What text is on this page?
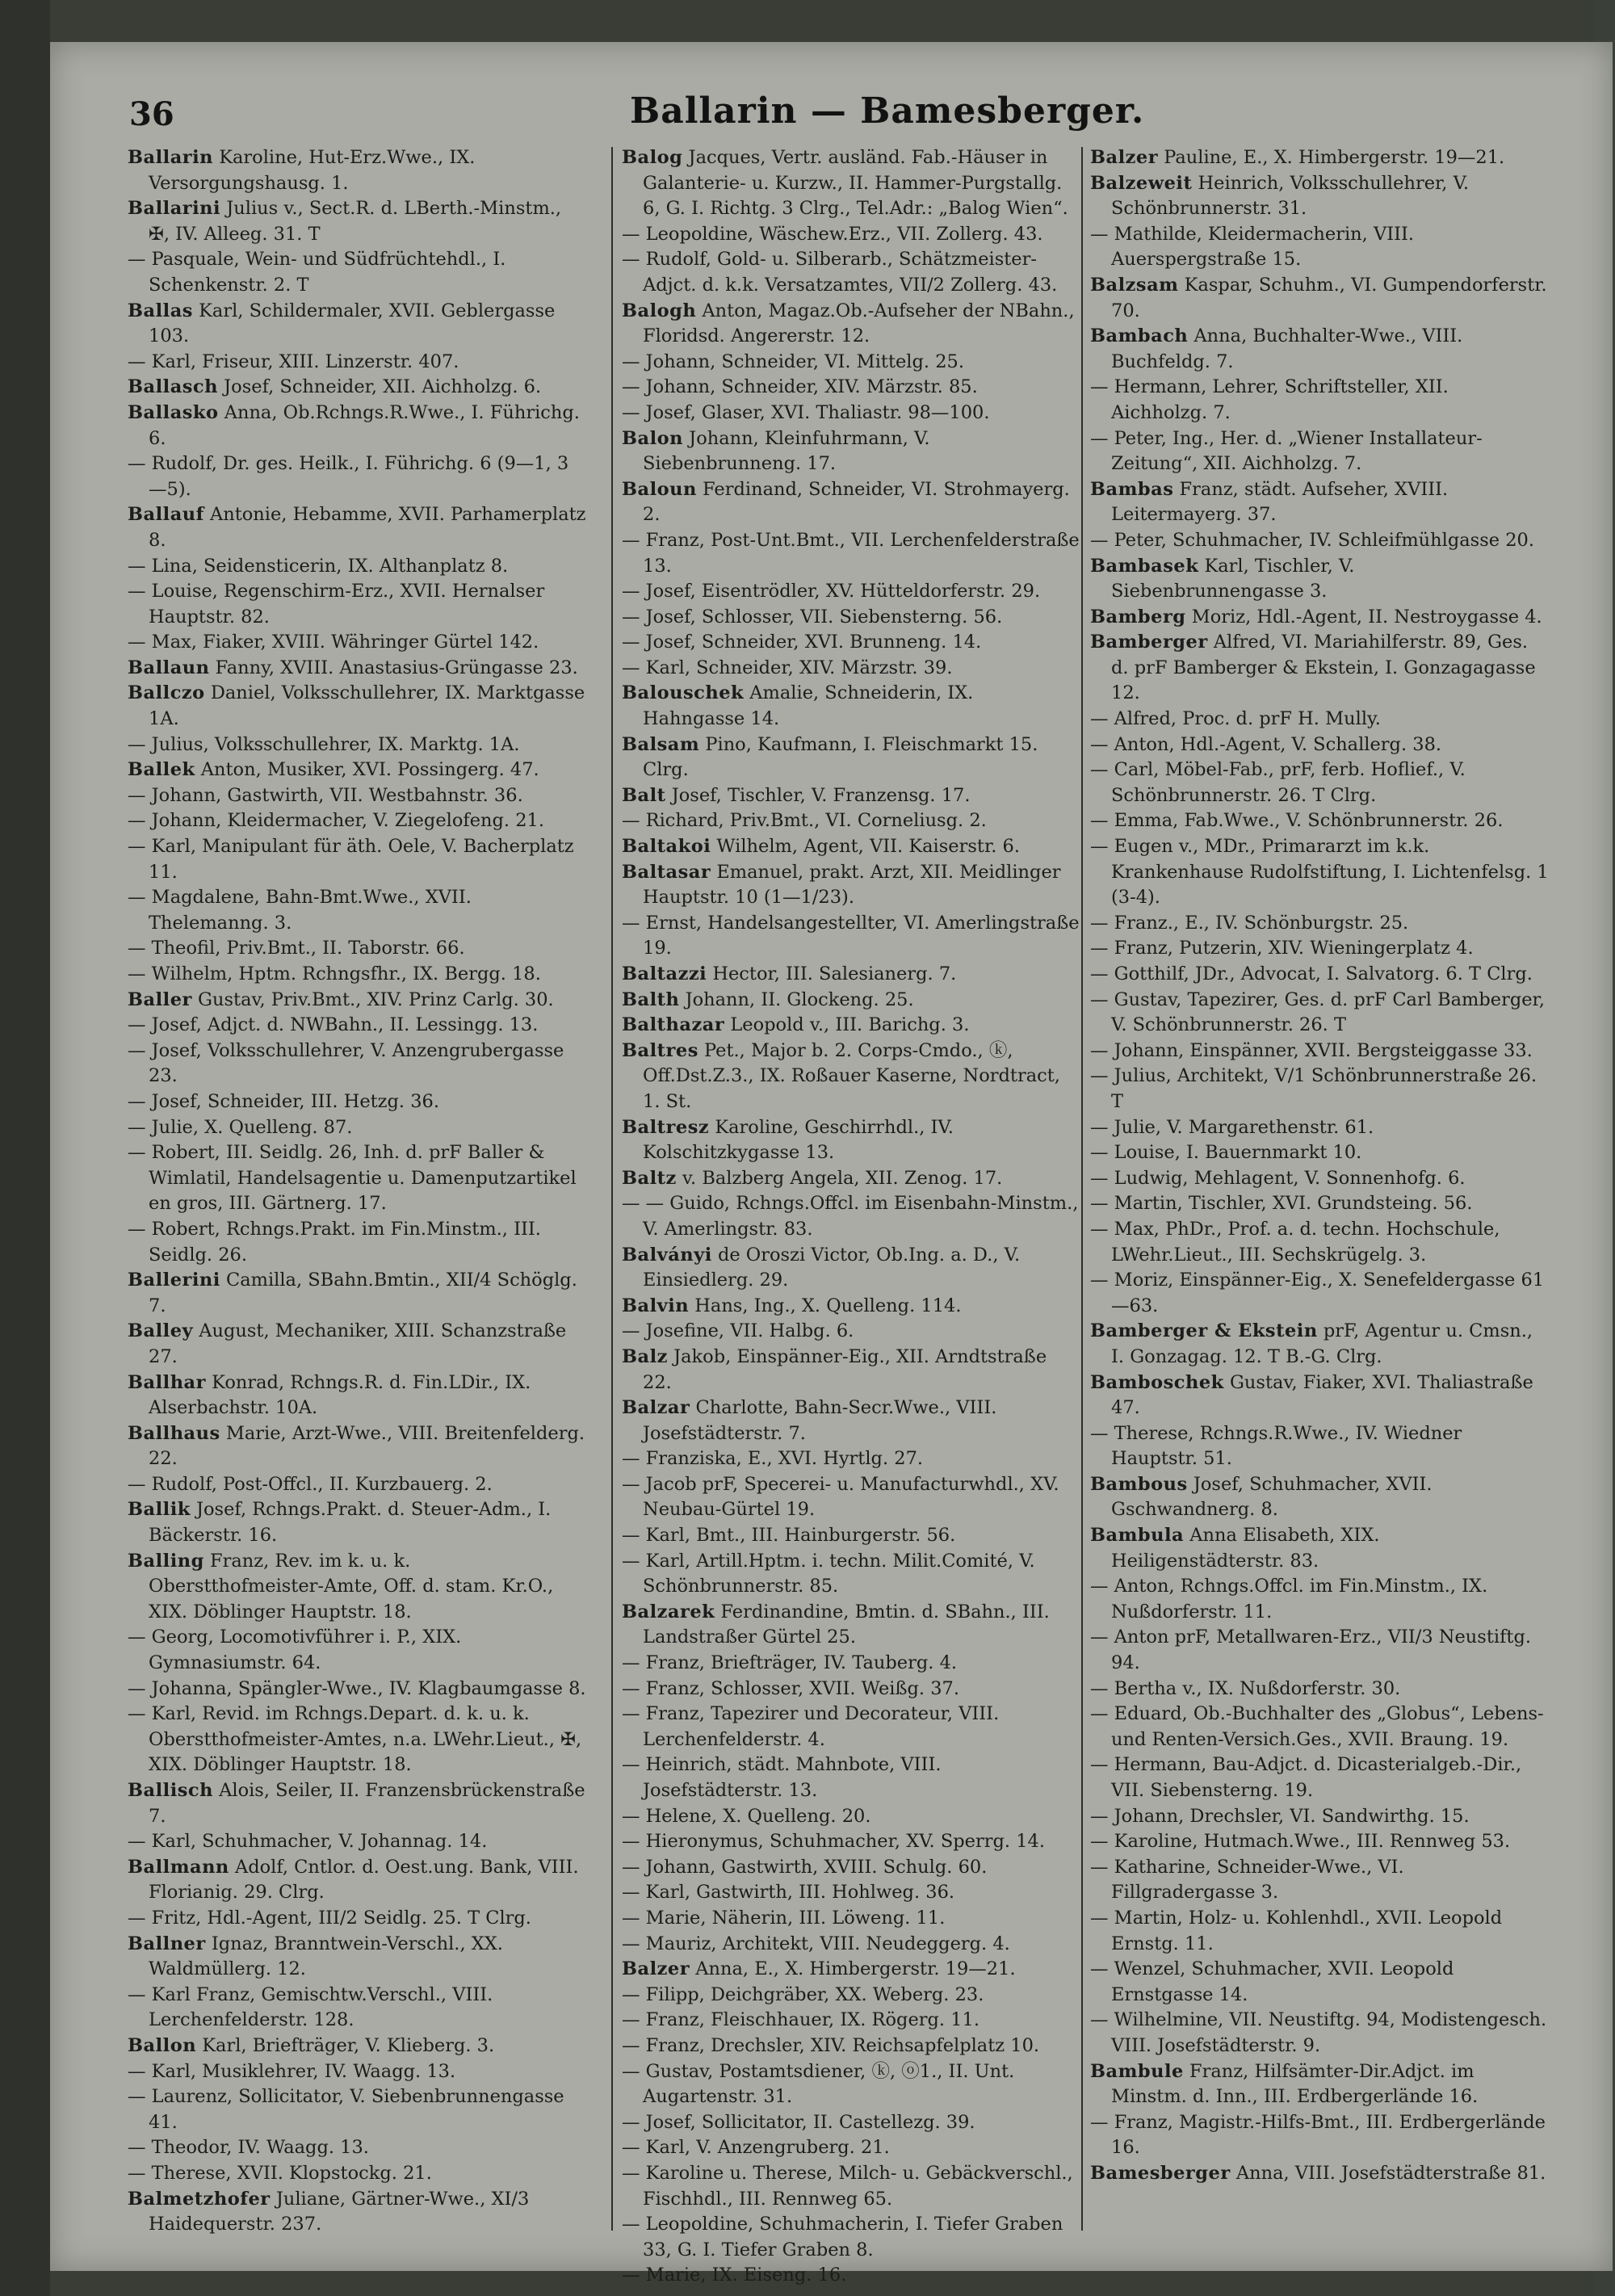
36	Ballarin — Bamesberger.

Ballarin Karoline, Hut-Erz.Wwe., IX. Versorgungshausg. 1.

Ballarini Julius v., Sect.R. d. LBerth.-Minstm., ✠, IV. Alleeg. 31. T

— Pasquale, Wein- und Südfrüchtehdl., I. Schenkenstr. 2. T

Ballas Karl, Schildermaler, XVII. Geblergasse 103.

— Karl, Friseur, XIII. Linzerstr. 407.

Ballasch Josef, Schneider, XII. Aichholzg. 6.

Ballasko Anna, Ob.Rchngs.R.Wwe., I. Führichg. 6.

— Rudolf, Dr. ges. Heilk., I. Führichg. 6 (9—1, 3—5).

Ballauf Antonie, Hebamme, XVII. Parhamerplatz 8.

— Lina, Seidensticerin, IX. Althanplatz 8.

— Louise, Regenschirm-Erz., XVII. Hernalser Hauptstr. 82.

— Max, Fiaker, XVIII. Währinger Gürtel 142.

Ballaun Fanny, XVIII. Anastasius-Grüngasse 23.

Ballczo Daniel, Volksschullehrer, IX. Marktgasse 1A.

— Julius, Volksschullehrer, IX. Marktg. 1A.

Ballek Anton, Musiker, XVI. Possingerg. 47.

— Johann, Gastwirth, VII. Westbahnstr. 36.

— Johann, Kleidermacher, V. Ziegelofeng. 21.

— Karl, Manipulant für äth. Oele, V. Bacherplatz 11.

— Magdalene, Bahn-Bmt.Wwe., XVII. Thelemanng. 3.

— Theofil, Priv.Bmt., II. Taborstr. 66.

— Wilhelm, Hptm. Rchngsfhr., IX. Bergg. 18.

Baller Gustav, Priv.Bmt., XIV. Prinz Carlg. 30.

— Josef, Adjct. d. NWBahn., II. Lessingg. 13.

— Josef, Volksschullehrer, V. Anzengrubergasse 23.

— Josef, Schneider, III. Hetzg. 36.

— Julie, X. Quelleng. 87.

— Robert, III. Seidlg. 26, Inh. d. prF Baller & Wimlatil, Handelsagentie u. Damenputzartikel en gros, III. Gärtnerg. 17.

— Robert, Rchngs.Prakt. im Fin.Minstm., III. Seidlg. 26.

Ballerini Camilla, SBahn.Bmtin., XII/4 Schöglg. 7.

Balley August, Mechaniker, XIII. Schanzstraße 27.

Ballhar Konrad, Rchngs.R. d. Fin.LDir., IX. Alserbachstr. 10A.

Ballhaus Marie, Arzt-Wwe., VIII. Breitenfelderg. 22.

— Rudolf, Post-Offcl., II. Kurzbauerg. 2.

Ballik Josef, Rchngs.Prakt. d. Steuer-Adm., I. Bäckerstr. 16.

Balling Franz, Rev. im k. u. k. Oberstthofmeister-Amte, Off. d. stam. Kr.O., XIX. Döblinger Hauptstr. 18.

— Georg, Locomotivführer i. P., XIX. Gymnasiumstr. 64.

— Johanna, Spängler-Wwe., IV. Klagbaumgasse 8.

— Karl, Revid. im Rchngs.Depart. d. k. u. k. Oberstthofmeister-Amtes, n.a. LWehr.Lieut., ✠, XIX. Döblinger Hauptstr. 18.

Ballisch Alois, Seiler, II. Franzensbrückenstraße 7.

— Karl, Schuhmacher, V. Johannag. 14.

Ballmann Adolf, Cntlor. d. Oest.ung. Bank, VIII. Florianig. 29. Clrg.

— Fritz, Hdl.-Agent, III/2 Seidlg. 25. T Clrg.

Ballner Ignaz, Branntwein-Verschl., XX. Waldmüllerg. 12.

— Karl Franz, Gemischtw.Verschl., VIII. Lerchenfelderstr. 128.

Ballon Karl, Briefträger, V. Klieberg. 3.

— Karl, Musiklehrer, IV. Waagg. 13.

— Laurenz, Sollicitator, V. Siebenbrunnengasse 41.

— Theodor, IV. Waagg. 13.

— Therese, XVII. Klopstockg. 21.

Balmetzhofer Juliane, Gärtner-Wwe., XI/3 Haidequerstr. 237.

Balog Jacques, Vertr. ausländ. Fab.-Häuser in Galanterie- u. Kurzw., II. Hammer-Purgstallg. 6, G. I. Richtg. 3 Clrg., Tel.Adr.: „Balog Wien“.

— Leopoldine, Wäschew.Erz., VII. Zollerg. 43.

— Rudolf, Gold- u. Silberarb., Schätzmeister-Adjct. d. k.k. Versatzamtes, VII/2 Zollerg. 43.

Balogh Anton, Magaz.Ob.-Aufseher der NBahn., Floridsd. Angererstr. 12.

— Johann, Schneider, VI. Mittelg. 25.

— Johann, Schneider, XIV. Märzstr. 85.

— Josef, Glaser, XVI. Thaliastr. 98—100.

Balon Johann, Kleinfuhrmann, V. Siebenbrunneng. 17.

Baloun Ferdinand, Schneider, VI. Strohmayerg. 2.

— Franz, Post-Unt.Bmt., VII. Lerchenfelderstraße 13.

— Josef, Eisentrödler, XV. Hütteldorferstr. 29.

— Josef, Schlosser, VII. Siebensterng. 56.

— Josef, Schneider, XVI. Brunneng. 14.

— Karl, Schneider, XIV. Märzstr. 39.

Balouschek Amalie, Schneiderin, IX. Hahngasse 14.

Balsam Pino, Kaufmann, I. Fleischmarkt 15. Clrg.

Balt Josef, Tischler, V. Franzensg. 17.

— Richard, Priv.Bmt., VI. Corneliusg. 2.

Baltakoi Wilhelm, Agent, VII. Kaiserstr. 6.

Baltasar Emanuel, prakt. Arzt, XII. Meidlinger Hauptstr. 10 (1—1/23).

— Ernst, Handelsangestellter, VI. Amerlingstraße 19.

Baltazzi Hector, III. Salesianerg. 7.

Balth Johann, II. Glockeng. 25.

Balthazar Leopold v., III. Barichg. 3.

Baltres Pet., Major b. 2. Corps-Cmdo., ⓚ, Off.Dst.Z.3., IX. Roßauer Kaserne, Nordtract, 1. St.

Baltresz Karoline, Geschirrhdl., IV. Kolschitzkygasse 13.

Baltz v. Balzberg Angela, XII. Zenog. 17.

— — Guido, Rchngs.Offcl. im Eisenbahn-Minstm., V. Amerlingstr. 83.

Balványi de Oroszi Victor, Ob.Ing. a. D., V. Einsiedlerg. 29.

Balvin Hans, Ing., X. Quelleng. 114.

— Josefine, VII. Halbg. 6.

Balz Jakob, Einspänner-Eig., XII. Arndtstraße 22.

Balzar Charlotte, Bahn-Secr.Wwe., VIII. Josefstädterstr. 7.

— Franziska, E., XVI. Hyrtlg. 27.

— Jacob prF, Specerei- u. Manufacturwhdl., XV. Neubau-Gürtel 19.

— Karl, Bmt., III. Hainburgerstr. 56.

— Karl, Artill.Hptm. i. techn. Milit.Comité, V. Schönbrunnerstr. 85.

Balzarek Ferdinandine, Bmtin. d. SBahn., III. Landstraßer Gürtel 25.

— Franz, Briefträger, IV. Tauberg. 4.

— Franz, Schlosser, XVII. Weißg. 37.

— Franz, Tapezirer und Decorateur, VIII. Lerchenfelderstr. 4.

— Heinrich, städt. Mahnbote, VIII. Josefstädterstr. 13.

— Helene, X. Quelleng. 20.

— Hieronymus, Schuhmacher, XV. Sperrg. 14.

— Johann, Gastwirth, XVIII. Schulg. 60.

— Karl, Gastwirth, III. Hohlweg. 36.

— Marie, Näherin, III. Löweng. 11.

— Mauriz, Architekt, VIII. Neudeggerg. 4.

Balzer Anna, E., X. Himbergerstr. 19—21.

— Filipp, Deichgräber, XX. Weberg. 23.

— Franz, Fleischhauer, IX. Rögerg. 11.

— Franz, Drechsler, XIV. Reichsapfelplatz 10.

— Gustav, Postamtsdiener, ⓚ, ⓞ1., II. Unt. Augartenstr. 31.

— Josef, Sollicitator, II. Castellezg. 39.

— Karl, V. Anzengruberg. 21.

— Karoline u. Therese, Milch- u. Gebäckverschl., Fischhdl., III. Rennweg 65.

— Leopoldine, Schuhmacherin, I. Tiefer Graben 33, G. I. Tiefer Graben 8.

— Marie, IX. Eiseng. 16.

Balzer Pauline, E., X. Himbergerstr. 19—21.

Balzeweit Heinrich, Volksschullehrer, V. Schönbrunnerstr. 31.

— Mathilde, Kleidermacherin, VIII. Auerspergstraße 15.

Balzsam Kaspar, Schuhm., VI. Gumpendorferstr. 70.

Bambach Anna, Buchhalter-Wwe., VIII. Buchfeldg. 7.

— Hermann, Lehrer, Schriftsteller, XII. Aichholzg. 7.

— Peter, Ing., Her. d. „Wiener Installateur-Zeitung“, XII. Aichholzg. 7.

Bambas Franz, städt. Aufseher, XVIII. Leitermayerg. 37.

— Peter, Schuhmacher, IV. Schleifmühlgasse 20.

Bambasek Karl, Tischler, V. Siebenbrunnengasse 3.

Bamberg Moriz, Hdl.-Agent, II. Nestroygasse 4.

Bamberger Alfred, VI. Mariahilferstr. 89, Ges. d. prF Bamberger & Ekstein, I. Gonzagagasse 12.

— Alfred, Proc. d. prF H. Mully.

— Anton, Hdl.-Agent, V. Schallerg. 38.

— Carl, Möbel-Fab., prF, ferb. Hoflief., V. Schönbrunnerstr. 26. T Clrg.

— Emma, Fab.Wwe., V. Schönbrunnerstr. 26.

— Eugen v., MDr., Primararzt im k.k. Krankenhause Rudolfstiftung, I. Lichtenfelsg. 1 (3-4).

— Franz., E., IV. Schönburgstr. 25.

— Franz, Putzerin, XIV. Wieningerplatz 4.

— Gotthilf, JDr., Advocat, I. Salvatorg. 6. T Clrg.

— Gustav, Tapezirer, Ges. d. prF Carl Bamberger, V. Schönbrunnerstr. 26. T

— Johann, Einspänner, XVII. Bergsteiggasse 33.

— Julius, Architekt, V/1 Schönbrunnerstraße 26. T

— Julie, V. Margarethenstr. 61.

— Louise, I. Bauernmarkt 10.

— Ludwig, Mehlagent, V. Sonnenhofg. 6.

— Martin, Tischler, XVI. Grundsteing. 56.

— Max, PhDr., Prof. a. d. techn. Hochschule, LWehr.Lieut., III. Sechskrügelg. 3.

— Moriz, Einspänner-Eig., X. Senefeldergasse 61—63.

Bamberger & Ekstein prF, Agentur u. Cmsn., I. Gonzagag. 12. T B.-G. Clrg.

Bamboschek Gustav, Fiaker, XVI. Thaliastraße 47.

— Therese, Rchngs.R.Wwe., IV. Wiedner Hauptstr. 51.

Bambous Josef, Schuhmacher, XVII. Gschwandnerg. 8.

Bambula Anna Elisabeth, XIX. Heiligenstädterstr. 83.

— Anton, Rchngs.Offcl. im Fin.Minstm., IX. Nußdorferstr. 11.

— Anton prF, Metallwaren-Erz., VII/3 Neustiftg. 94.

— Bertha v., IX. Nußdorferstr. 30.

— Eduard, Ob.-Buchhalter des „Globus“, Lebens- und Renten-Versich.Ges., XVII. Braung. 19.

— Hermann, Bau-Adjct. d. Dicasterialgeb.-Dir., VII. Siebensterng. 19.

— Johann, Drechsler, VI. Sandwirthg. 15.

— Karoline, Hutmach.Wwe., III. Rennweg 53.

— Katharine, Schneider-Wwe., VI. Fillgradergasse 3.

— Martin, Holz- u. Kohlenhdl., XVII. Leopold Ernstg. 11.

— Wenzel, Schuhmacher, XVII. Leopold Ernstgasse 14.

— Wilhelmine, VII. Neustiftg. 94, Modistengesch. VIII. Josefstädterstr. 9.

Bambule Franz, Hilfsämter-Dir.Adjct. im Minstm. d. Inn., III. Erdbergerlände 16.

— Franz, Magistr.-Hilfs-Bmt., III. Erdbergerlände 16.

Bamesberger Anna, VIII. Josefstädterstraße 81.
